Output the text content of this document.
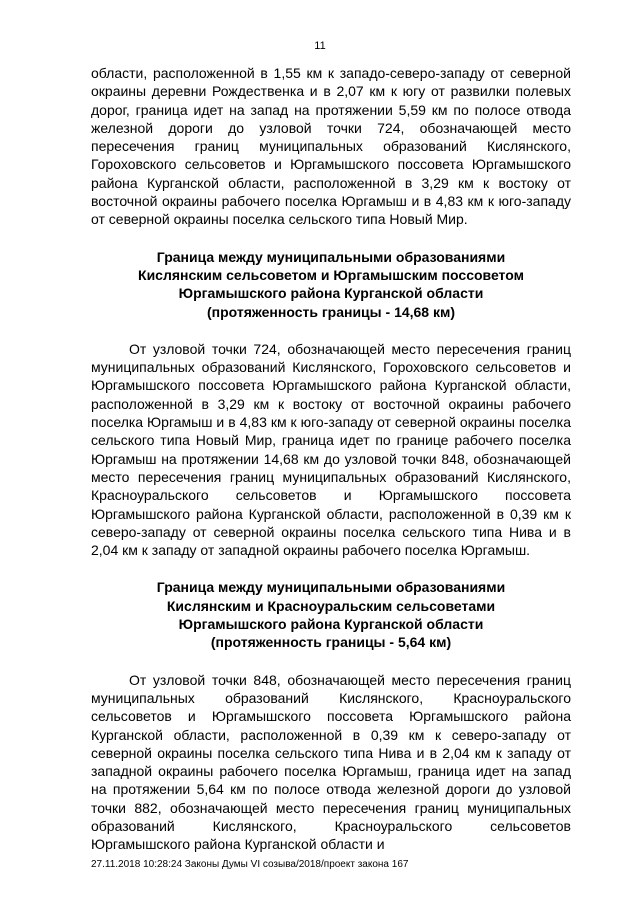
11

области, расположенной в 1,55 км к западо-северо-западу от северной окраины деревни Рождественка и в 2,07 км к югу от развилки полевых дорог, граница идет на запад на протяжении 5,59 км по полосе отвода железной дороги до узловой точки 724, обозначающей место пересечения границ муниципальных образований Кислянского, Гороховского сельсоветов и Юргамышского поссовета Юргамышского района Курганской области, расположенной в 3,29 км к востоку от восточной окраины рабочего поселка Юргамыш и в 4,83 км к юго-западу от северной окраины поселка сельского типа Новый Мир.

Граница между муниципальными образованиями
Кислянским сельсоветом и Юргамышским поссоветом
Юргамышского района Курганской области
(протяженность границы - 14,68 км)

От узловой точки 724, обозначающей место пересечения границ муниципальных образований Кислянского, Гороховского сельсоветов и Юргамышского поссовета Юргамышского района Курганской области, расположенной в 3,29 км к востоку от восточной окраины рабочего поселка Юргамыш и в 4,83 км к юго-западу от северной окраины поселка сельского типа Новый Мир, граница идет по границе рабочего поселка Юргамыш на протяжении 14,68 км до узловой точки 848, обозначающей место пересечения границ муниципальных образований Кислянского, Красноуральского сельсоветов и Юргамышского поссовета Юргамышского района Курганской области, расположенной в 0,39 км к северо-западу от северной окраины поселка сельского типа Нива и в 2,04 км к западу от западной окраины рабочего поселка Юргамыш.

Граница между муниципальными образованиями
Кислянским и Красноуральским сельсоветами
Юргамышского района Курганской области
(протяженность границы - 5,64 км)

От узловой точки 848, обозначающей место пересечения границ муниципальных образований Кислянского, Красноуральского сельсоветов и Юргамышского поссовета Юргамышского района Курганской области, расположенной в 0,39 км к северо-западу от северной окраины поселка сельского типа Нива и в 2,04 км к западу от западной окраины рабочего поселка Юргамыш, граница идет на запад на протяжении 5,64 км по полосе отвода железной дороги до узловой точки 882, обозначающей место пересечения границ муниципальных образований Кислянского, Красноуральского сельсоветов Юргамышского района Курганской области и

27.11.2018 10:28:24 Законы Думы VI созыва/2018/проект закона 167
